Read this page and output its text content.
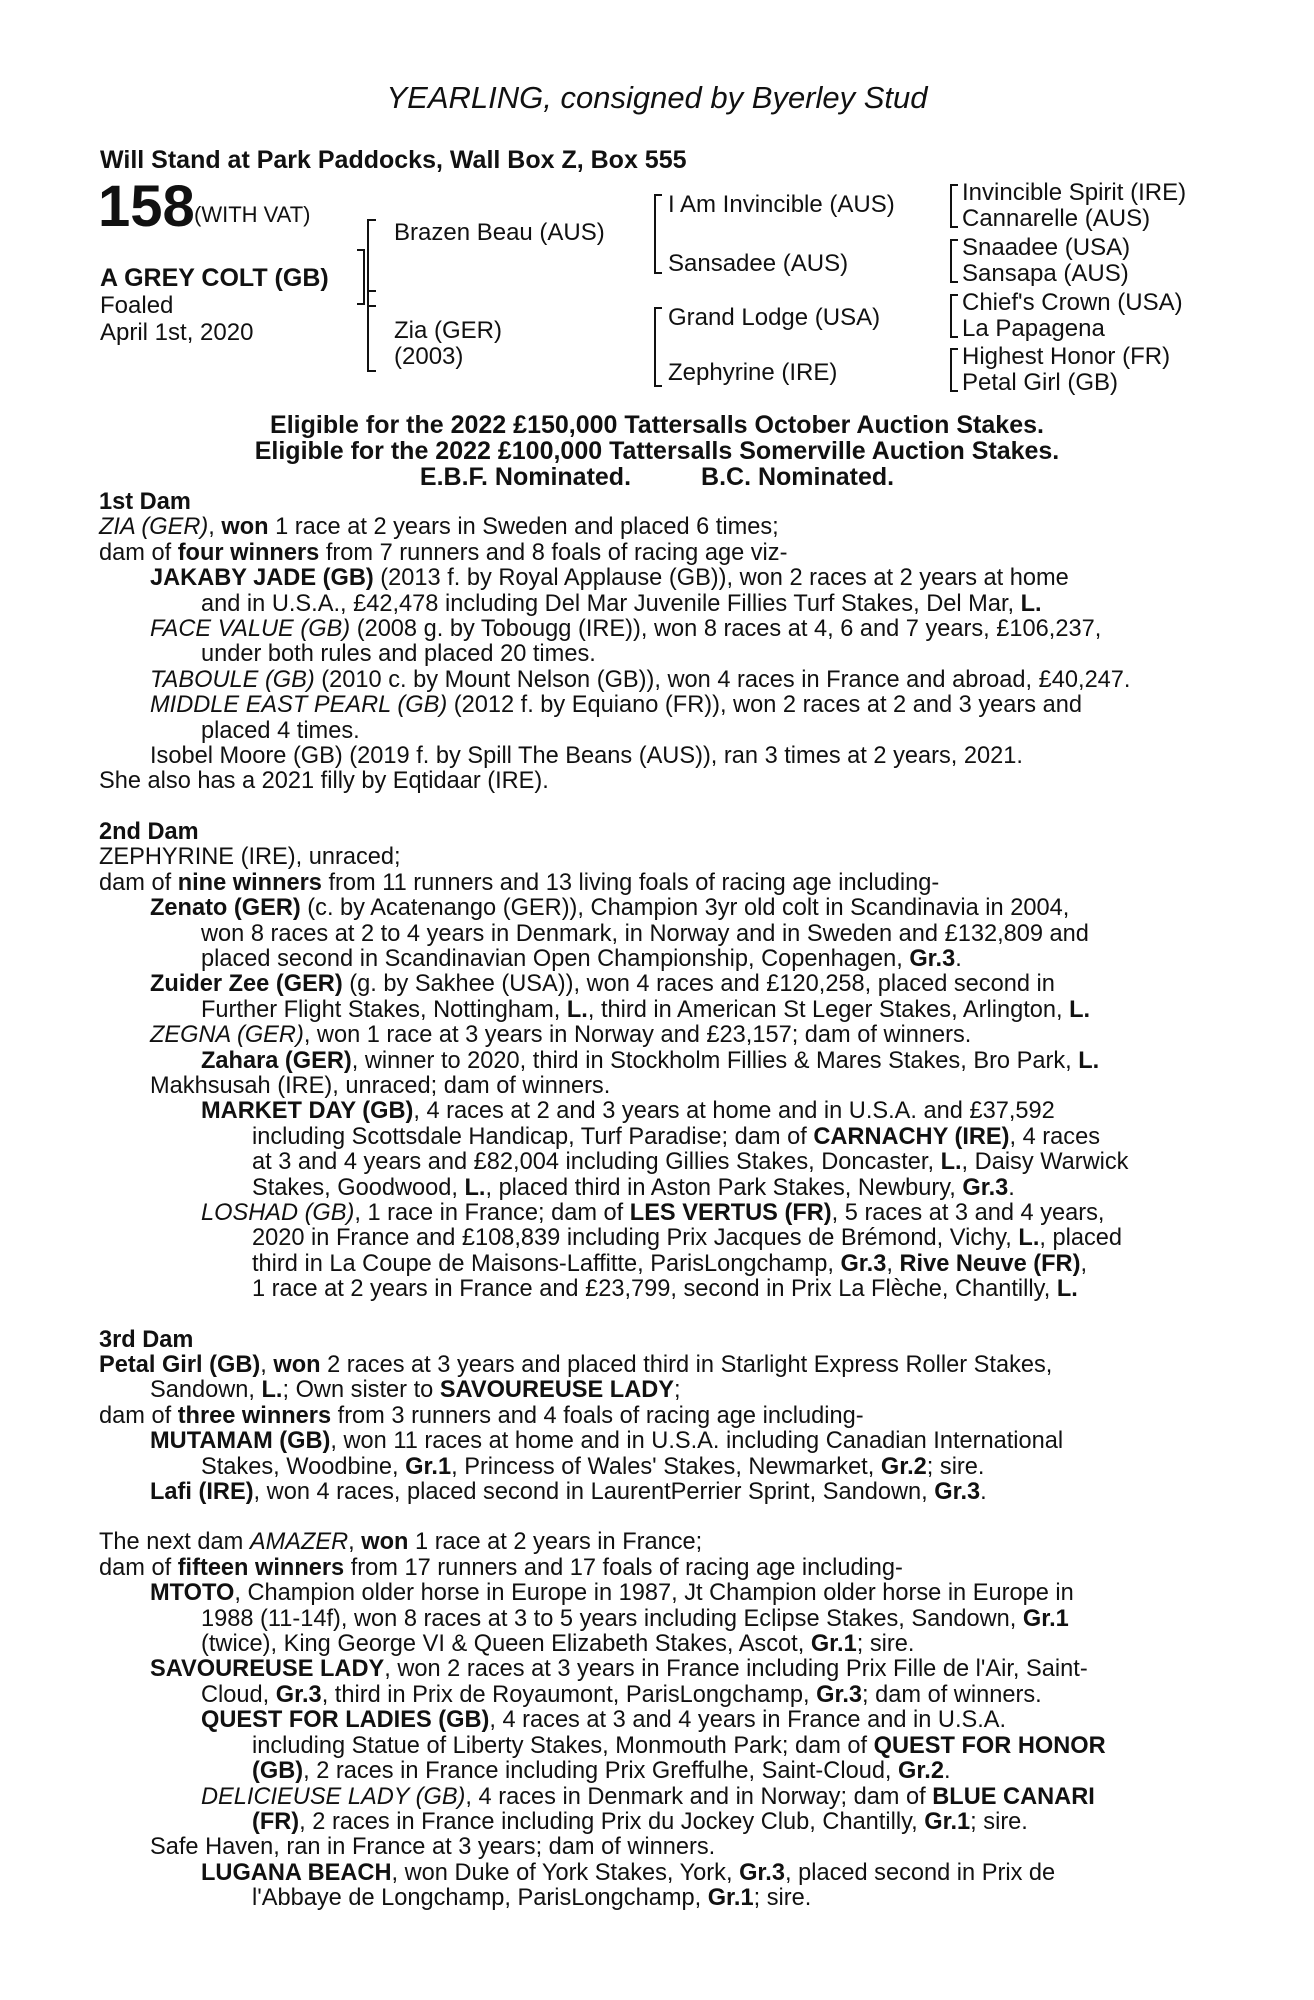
YEARLING, consigned by Byerley Stud
Will Stand at Park Paddocks, Wall Box Z, Box 555
158 (WITH VAT)
A GREY COLT (GB)
Foaled
April 1st, 2020
Brazen Beau (AUS)
Zia (GER)
(2003)
I Am Invincible (AUS)
Sansadee (AUS)
Grand Lodge (USA)
Zephyrine (IRE)
Invincible Spirit (IRE)
Cannarelle (AUS)
Snaadee (USA)
Sansapa (AUS)
Chief's Crown (USA)
La Papagena
Highest Honor (FR)
Petal Girl (GB)
Eligible for the 2022 £150,000 Tattersalls October Auction Stakes.
Eligible for the 2022 £100,000 Tattersalls Somerville Auction Stakes.
E.B.F. Nominated.	B.C. Nominated.

1st Dam

ZIA (GER), won 1 race at 2 years in Sweden and placed 6 times;

dam of four winners from 7 runners and 8 foals of racing age viz-

JAKABY JADE (GB) (2013 f. by Royal Applause (GB)), won 2 races at 2 years at home

and in U.S.A., £42,478 including Del Mar Juvenile Fillies Turf Stakes, Del Mar, L.

FACE VALUE (GB) (2008 g. by Tobougg (IRE)), won 8 races at 4, 6 and 7 years, £106,237,

under both rules and placed 20 times.

TABOULE (GB) (2010 c. by Mount Nelson (GB)), won 4 races in France and abroad, £40,247.

MIDDLE EAST PEARL (GB) (2012 f. by Equiano (FR)), won 2 races at 2 and 3 years and

placed 4 times.

Isobel Moore (GB) (2019 f. by Spill The Beans (AUS)), ran 3 times at 2 years, 2021.

She also has a 2021 filly by Eqtidaar (IRE).

2nd Dam

ZEPHYRINE (IRE), unraced;

dam of nine winners from 11 runners and 13 living foals of racing age including-

Zenato (GER) (c. by Acatenango (GER)), Champion 3yr old colt in Scandinavia in 2004,

won 8 races at 2 to 4 years in Denmark, in Norway and in Sweden and £132,809 and

placed second in Scandinavian Open Championship, Copenhagen, Gr.3.

Zuider Zee (GER) (g. by Sakhee (USA)), won 4 races and £120,258, placed second in

Further Flight Stakes, Nottingham, L., third in American St Leger Stakes, Arlington, L.

ZEGNA (GER), won 1 race at 3 years in Norway and £23,157; dam of winners.

Zahara (GER), winner to 2020, third in Stockholm Fillies & Mares Stakes, Bro Park, L.

Makhsusah (IRE), unraced; dam of winners.

MARKET DAY (GB), 4 races at 2 and 3 years at home and in U.S.A. and £37,592

including Scottsdale Handicap, Turf Paradise; dam of CARNACHY (IRE), 4 races

at 3 and 4 years and £82,004 including Gillies Stakes, Doncaster, L., Daisy Warwick

Stakes, Goodwood, L., placed third in Aston Park Stakes, Newbury, Gr.3.

LOSHAD (GB), 1 race in France; dam of LES VERTUS (FR), 5 races at 3 and 4 years,

2020 in France and £108,839 including Prix Jacques de Brémond, Vichy, L., placed

third in La Coupe de Maisons-Laffitte, ParisLongchamp, Gr.3, Rive Neuve (FR),

1 race at 2 years in France and £23,799, second in Prix La Flèche, Chantilly, L.

3rd Dam

Petal Girl (GB), won 2 races at 3 years and placed third in Starlight Express Roller Stakes,

Sandown, L.; Own sister to SAVOUREUSE LADY;

dam of three winners from 3 runners and 4 foals of racing age including-

MUTAMAM (GB), won 11 races at home and in U.S.A. including Canadian International

Stakes, Woodbine, Gr.1, Princess of Wales' Stakes, Newmarket, Gr.2; sire.

Lafi (IRE), won 4 races, placed second in LaurentPerrier Sprint, Sandown, Gr.3.

The next dam AMAZER, won 1 race at 2 years in France;

dam of fifteen winners from 17 runners and 17 foals of racing age including-

MTOTO, Champion older horse in Europe in 1987, Jt Champion older horse in Europe in

1988 (11-14f), won 8 races at 3 to 5 years including Eclipse Stakes, Sandown, Gr.1

(twice), King George VI & Queen Elizabeth Stakes, Ascot, Gr.1; sire.

SAVOUREUSE LADY, won 2 races at 3 years in France including Prix Fille de l'Air, Saint-

Cloud, Gr.3, third in Prix de Royaumont, ParisLongchamp, Gr.3; dam of winners.

QUEST FOR LADIES (GB), 4 races at 3 and 4 years in France and in U.S.A.

including Statue of Liberty Stakes, Monmouth Park; dam of QUEST FOR HONOR

(GB), 2 races in France including Prix Greffulhe, Saint-Cloud, Gr.2.

DELICIEUSE LADY (GB), 4 races in Denmark and in Norway; dam of BLUE CANARI

(FR), 2 races in France including Prix du Jockey Club, Chantilly, Gr.1; sire.

Safe Haven, ran in France at 3 years; dam of winners.

LUGANA BEACH, won Duke of York Stakes, York, Gr.3, placed second in Prix de

l'Abbaye de Longchamp, ParisLongchamp, Gr.1; sire.
